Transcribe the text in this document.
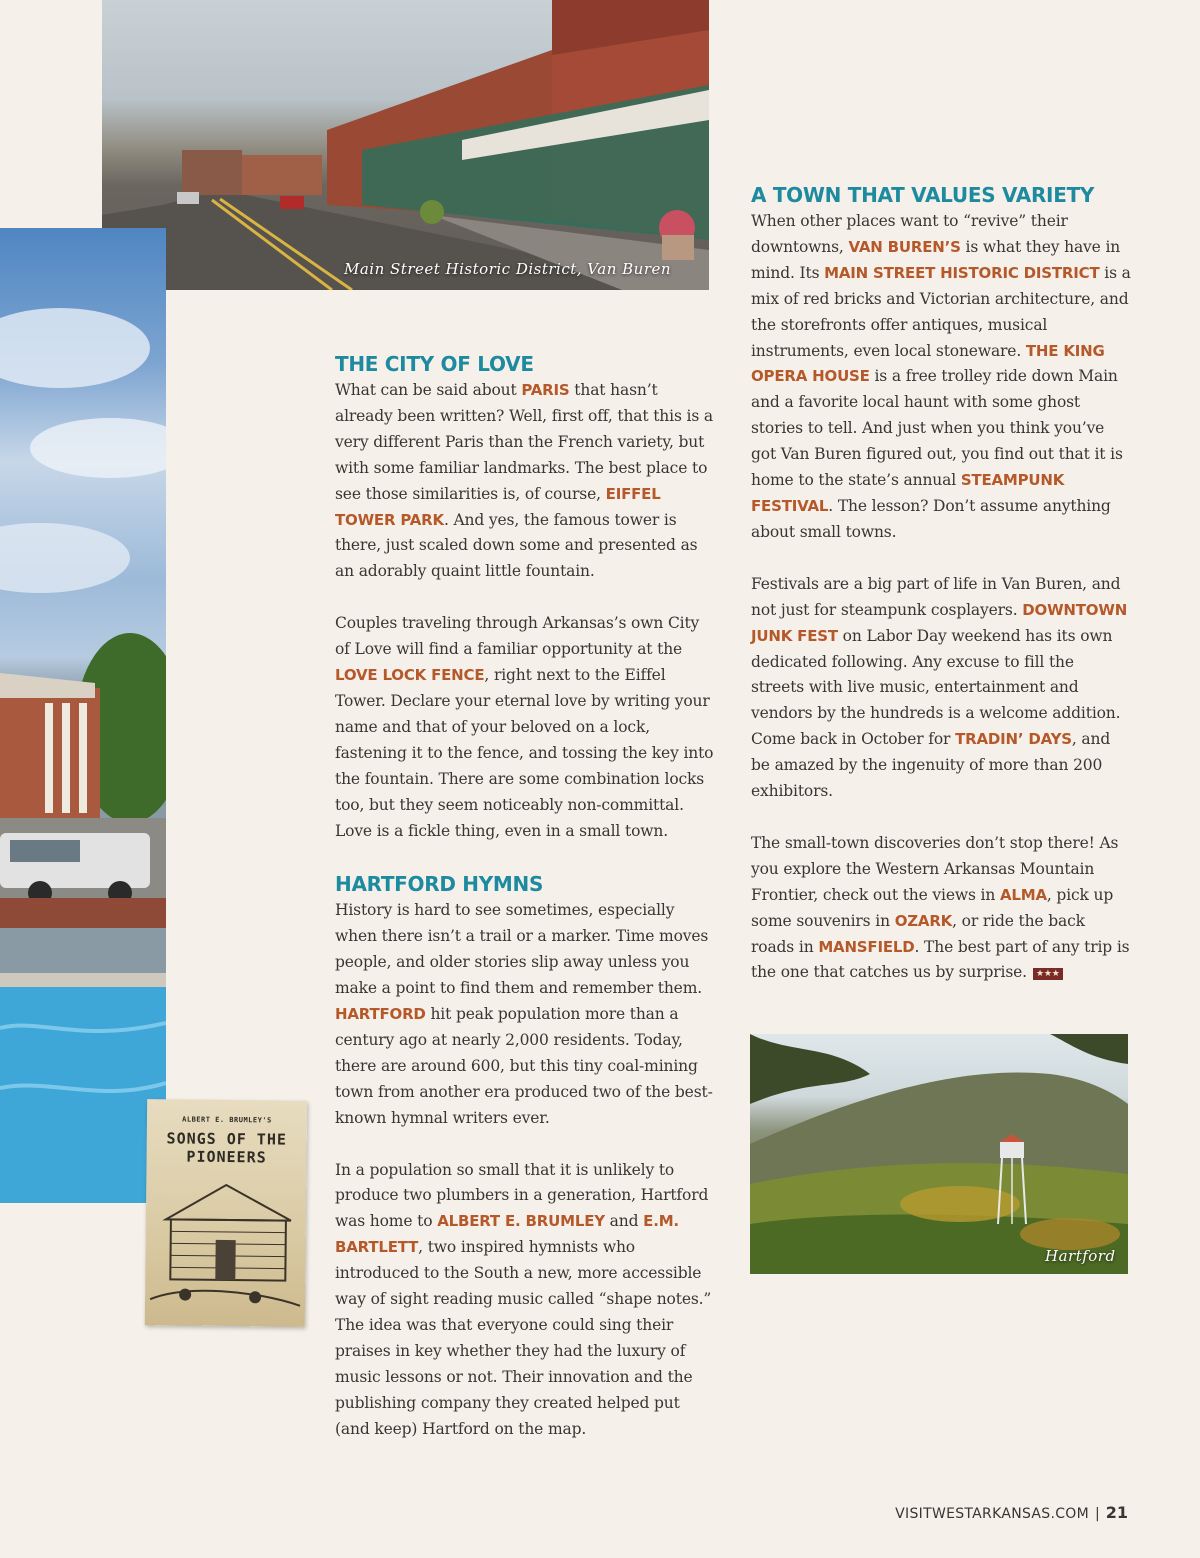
Main Street Historic District, Van Buren
ALBERT E. BRUMLEY'S
SONGS OF THE PIONEERS
Hartford
THE CITY OF LOVE

What can be said about PARIS that hasn’t already been written? Well, first off, that this is a very different Paris than the French variety, but with some familiar landmarks. The best place to see those similarities is, of course, EIFFEL TOWER PARK. And yes, the famous tower is there, just scaled down some and presented as an adorably quaint little fountain.

Couples traveling through Arkansas’s own City of Love will find a familiar opportunity at the LOVE LOCK FENCE, right next to the Eiffel Tower. Declare your eternal love by writing your name and that of your beloved on a lock, fastening it to the fence, and tossing the key into the fountain. There are some combination locks too, but they seem noticeably non-committal. Love is a fickle thing, even in a small town.

HARTFORD HYMNS

History is hard to see sometimes, especially when there isn’t a trail or a marker. Time moves people, and older stories slip away unless you make a point to find them and remember them. HARTFORD hit peak population more than a century ago at nearly 2,000 residents. Today, there are around 600, but this tiny coal-mining town from another era produced two of the best-known hymnal writers ever.

In a population so small that it is unlikely to produce two plumbers in a generation, Hartford was home to ALBERT E. BRUMLEY and E.M. BARTLETT, two inspired hymnists who introduced to the South a new, more accessible way of sight reading music called “shape notes.” The idea was that everyone could sing their praises in key whether they had the luxury of music lessons or not. Their innovation and the publishing company they created helped put (and keep) Hartford on the map.

A TOWN THAT VALUES VARIETY

When other places want to “revive” their downtowns, VAN BUREN’S is what they have in mind. Its MAIN STREET HISTORIC DISTRICT is a mix of red bricks and Victorian architecture, and the storefronts offer antiques, musical instruments, even local stoneware. THE KING OPERA HOUSE is a free trolley ride down Main and a favorite local haunt with some ghost stories to tell. And just when you think you’ve got Van Buren figured out, you find out that it is home to the state’s annual STEAMPUNK FESTIVAL. The lesson? Don’t assume anything about small towns.

Festivals are a big part of life in Van Buren, and not just for steampunk cosplayers. DOWNTOWN JUNK FEST on Labor Day weekend has its own dedicated following. Any excuse to fill the streets with live music, entertainment and vendors by the hundreds is a welcome addition. Come back in October for TRADIN’ DAYS, and be amazed by the ingenuity of more than 200 exhibitors.

The small-town discoveries don’t stop there! As you explore the Western Arkansas Mountain Frontier, check out the views in ALMA, pick up some souvenirs in OZARK, or ride the back roads in MANSFIELD. The best part of any trip is the one that catches us by surprise. ★★★

VISITWESTARKANSAS.COM | 21
